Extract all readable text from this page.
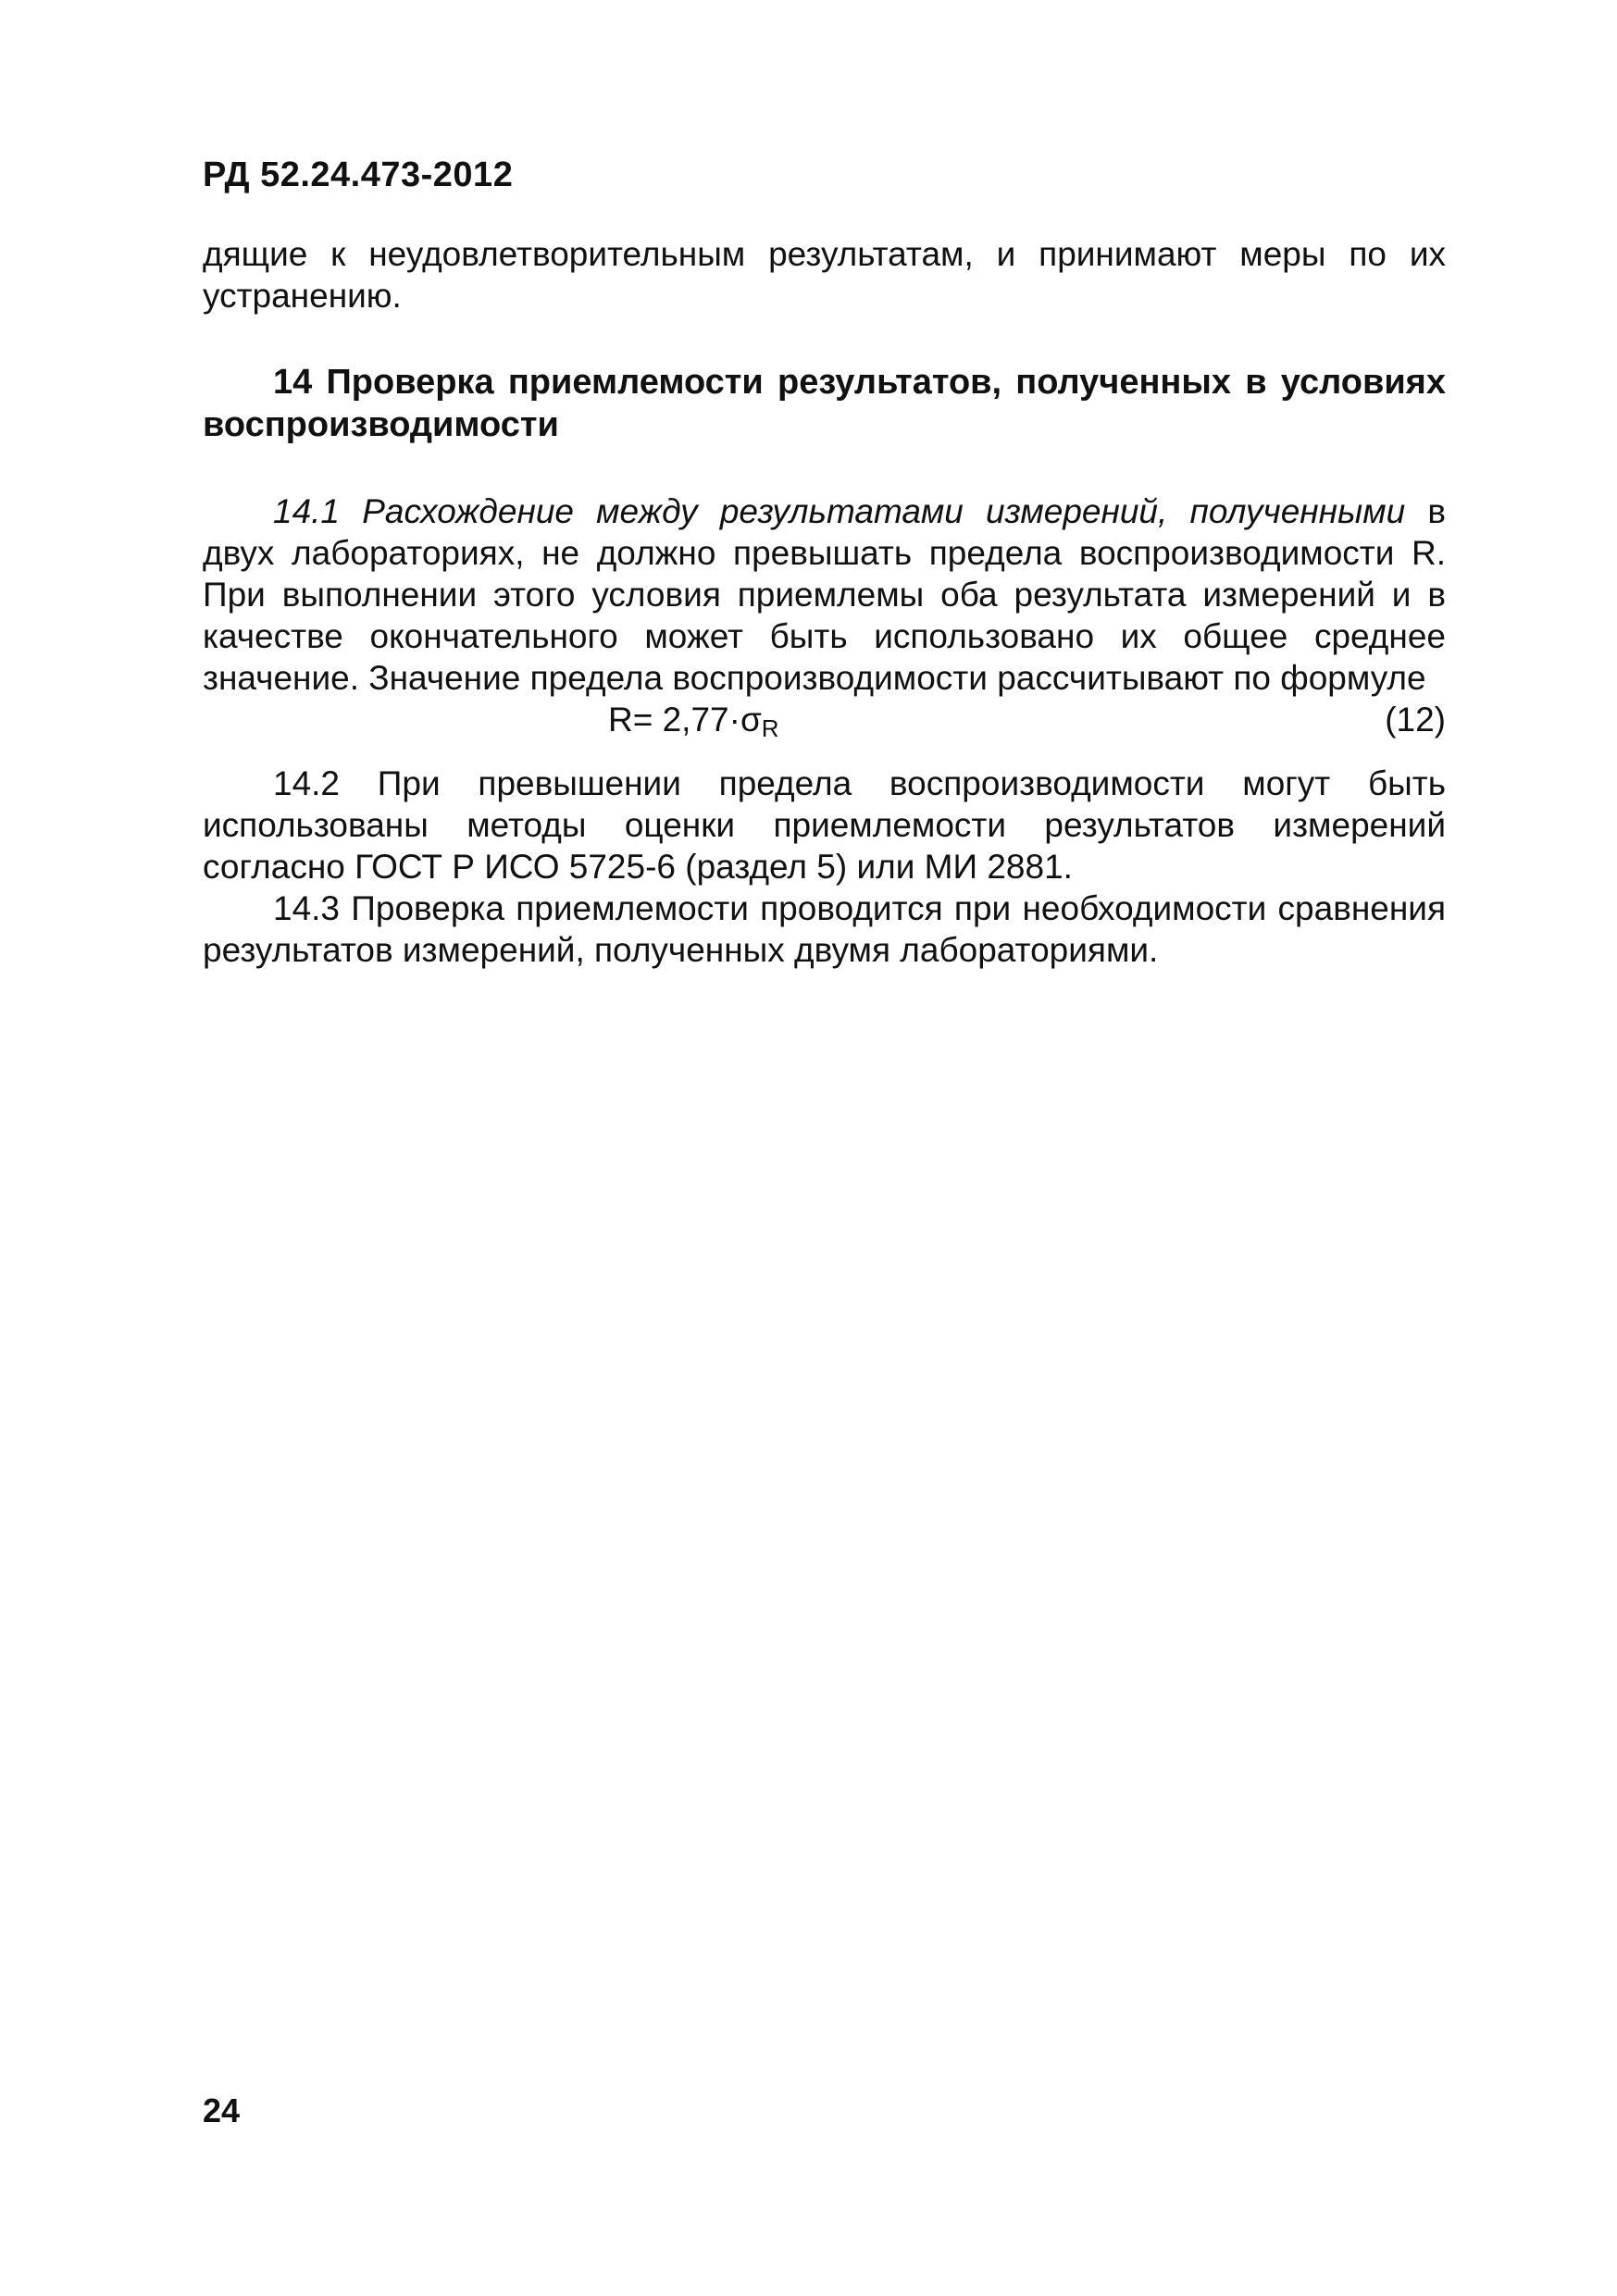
РД 52.24.473-2012

дящие к неудовлетворительным результатам, и принимают меры по их устранению.

14 Проверка приемлемости результатов, полученных в условиях воспроизводимости

14.1 Расхождение между результатами измерений, полученными в двух лабораториях, не должно превышать предела воспроизводимости R. При выполнении этого условия приемлемы оба результата измерений и в качестве окончательного может быть использовано их общее среднее значение. Значение предела воспроизводимости рассчитывают по формуле

$R= 2,77\cdot\sigma_R$	(12)

14.2 При превышении предела воспроизводимости могут быть использованы методы оценки приемлемости результатов измерений согласно ГОСТ Р ИСО 5725-6 (раздел 5) или МИ 2881.

14.3 Проверка приемлемости проводится при необходимости сравнения результатов измерений, полученных двумя лабораториями.

24
